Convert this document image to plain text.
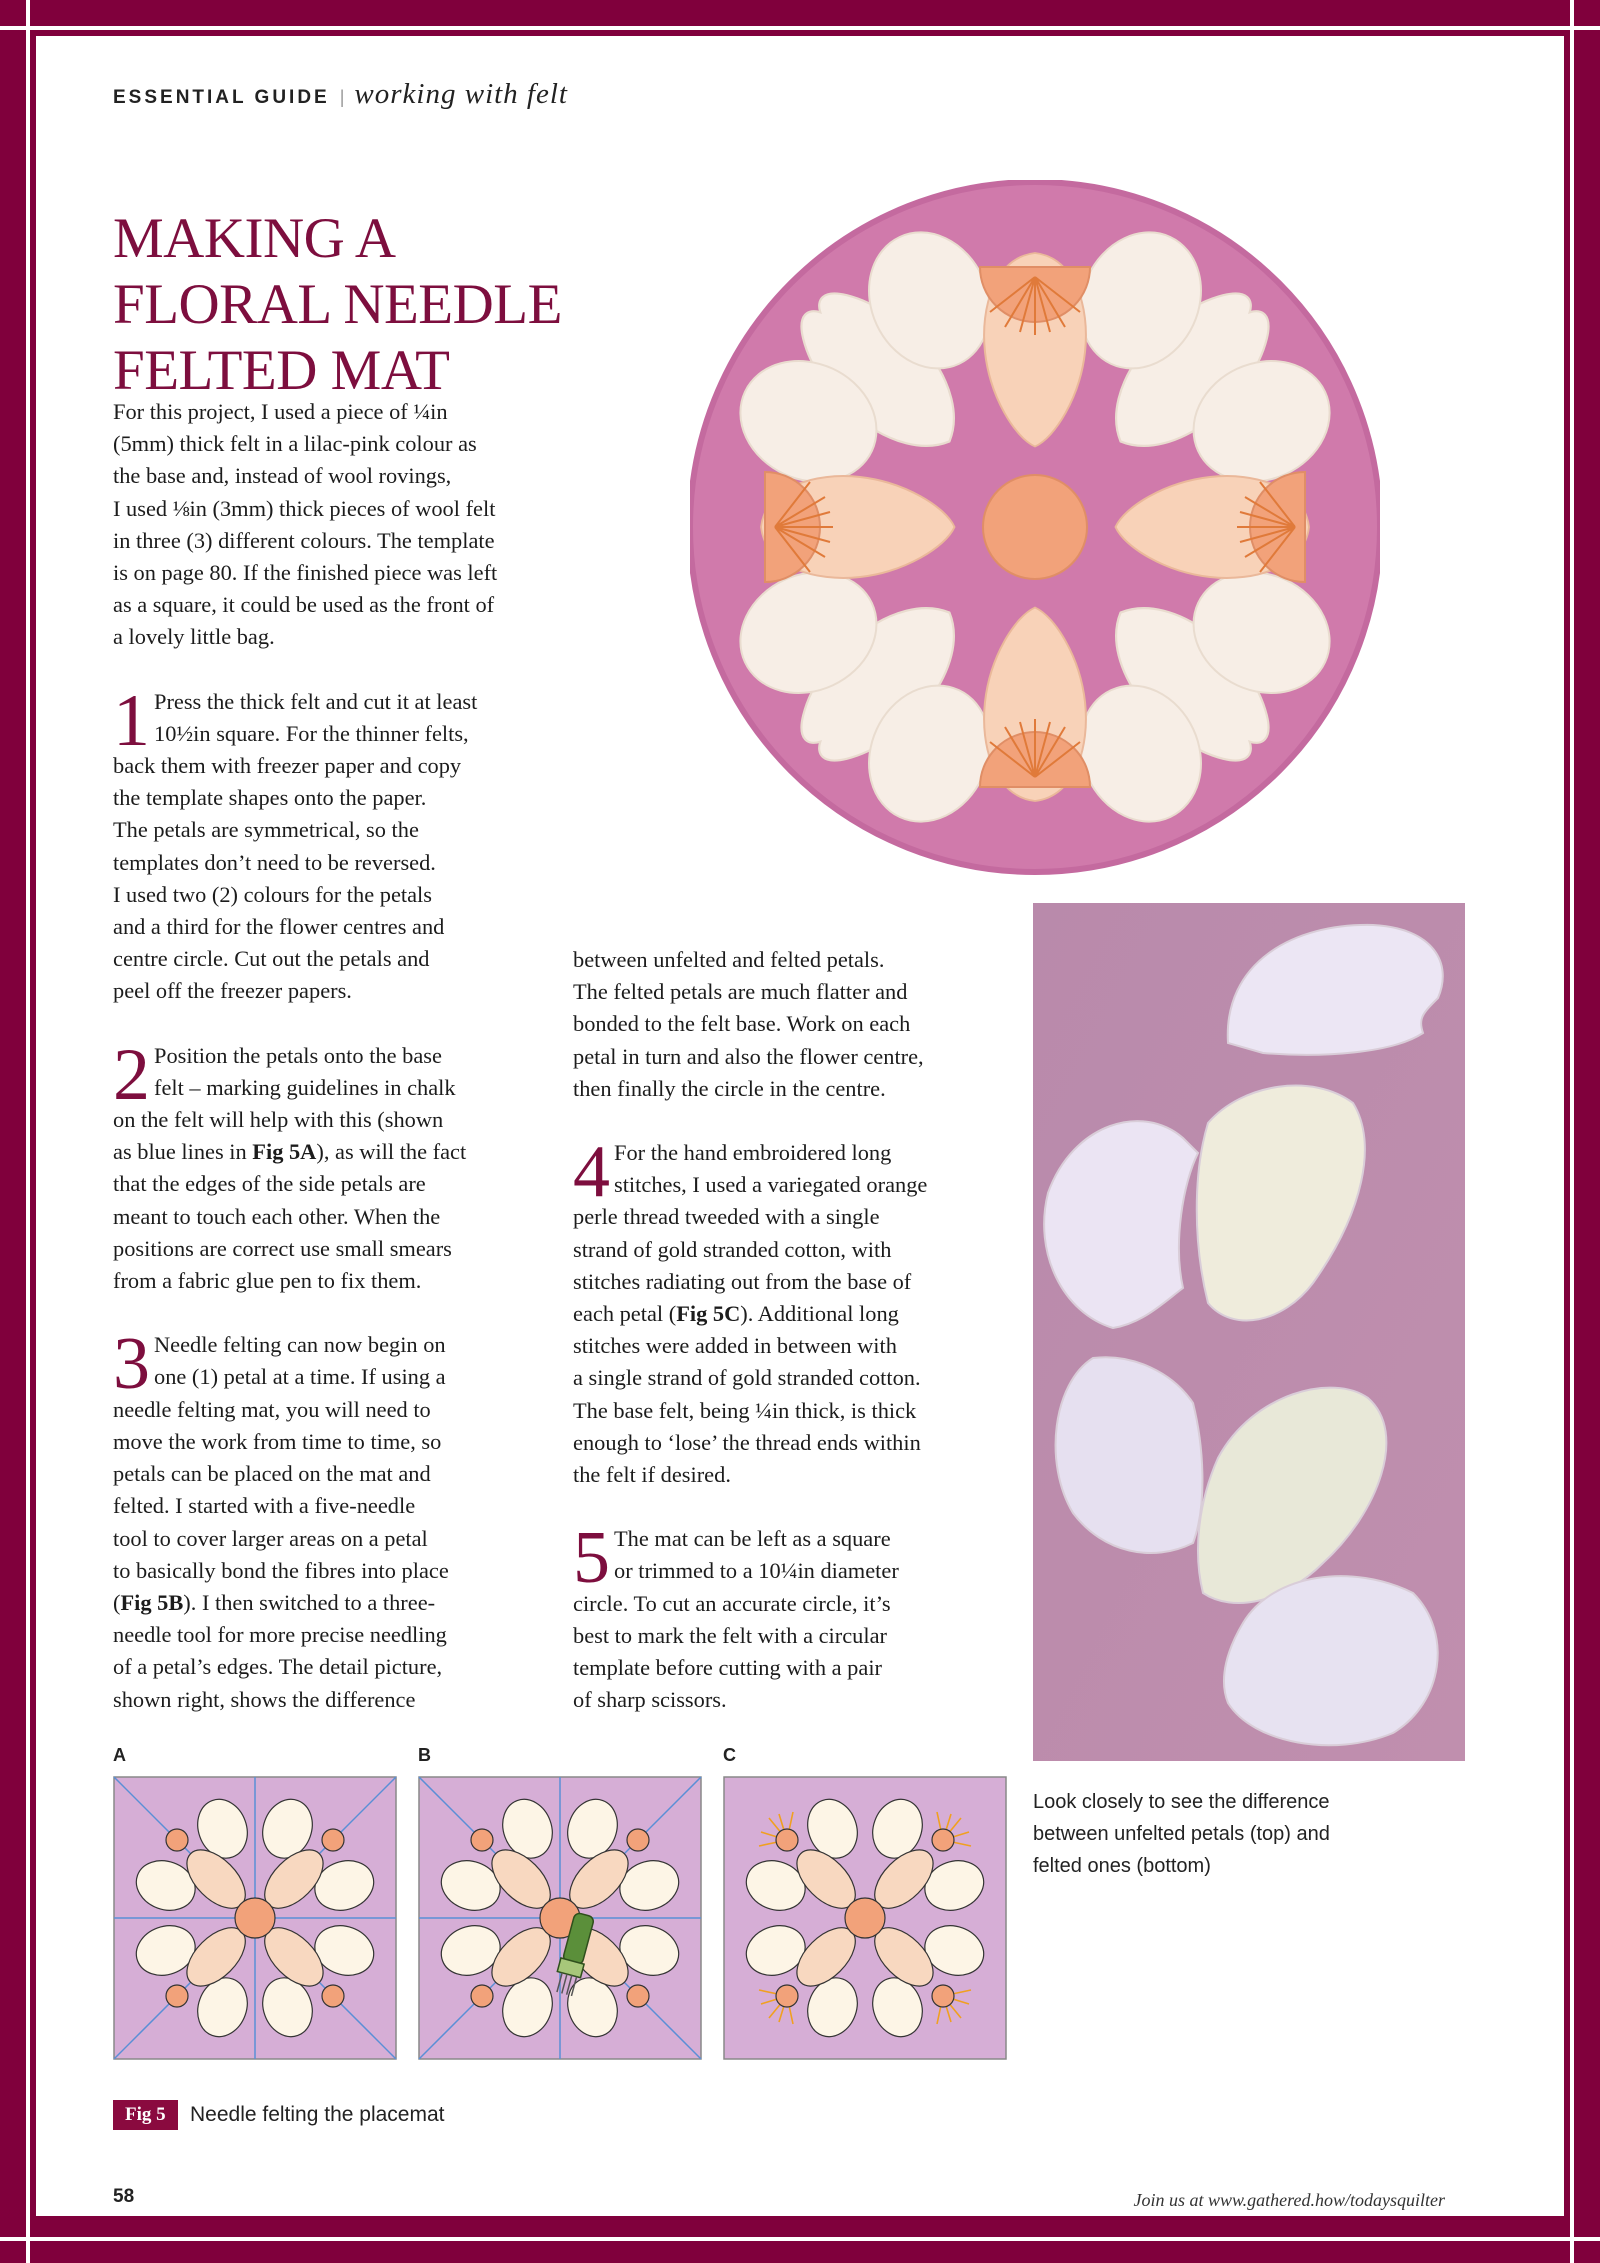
ESSENTIAL GUIDE | working with felt
MAKING A
FLORAL NEEDLE
FELTED MAT

For this project, I used a piece of ¼in
(5mm) thick felt in a lilac-pink colour as
the base and, instead of wool rovings,
I used ⅛in (3mm) thick pieces of wool felt
in three (3) different colours. The template
is on page 80. If the finished piece was left
as a square, it could be used as the front of
a lovely little bag.

1 Press the thick felt and cut it at least
10½in square. For the thinner felts,
back them with freezer paper and copy
the template shapes onto the paper.
The petals are symmetrical, so the
templates don’t need to be reversed.
I used two (2) colours for the petals
and a third for the flower centres and
centre circle. Cut out the petals and
peel off the freezer papers.

2 Position the petals onto the base
felt – marking guidelines in chalk
on the felt will help with this (shown
as blue lines in Fig 5A), as will the fact
that the edges of the side petals are
meant to touch each other. When the
positions are correct use small smears
from a fabric glue pen to fix them.

3 Needle felting can now begin on
one (1) petal at a time. If using a
needle felting mat, you will need to
move the work from time to time, so
petals can be placed on the mat and
felted. I started with a five-needle
tool to cover larger areas on a petal
to basically bond the fibres into place
(Fig 5B). I then switched to a three-
needle tool for more precise needling
of a petal’s edges. The detail picture,
shown right, shows the difference

between unfelted and felted petals.
The felted petals are much flatter and
bonded to the felt base. Work on each
petal in turn and also the flower centre,
then finally the circle in the centre.

4 For the hand embroidered long
stitches, I used a variegated orange
perle thread tweeded with a single
strand of gold stranded cotton, with
stitches radiating out from the base of
each petal (Fig 5C). Additional long
stitches were added in between with
a single strand of gold stranded cotton.
The base felt, being ¼in thick, is thick
enough to ‘lose’ the thread ends within
the felt if desired.

5 The mat can be left as a square
or trimmed to a 10¼in diameter
circle. To cut an accurate circle, it’s
best to mark the felt with a circular
template before cutting with a pair
of sharp scissors.

Look closely to see the difference
between unfelted petals (top) and
felted ones (bottom)
A	B	C
Fig 5	Needle felting the placemat
58	Join us at www.gathered.how/todaysquilter
